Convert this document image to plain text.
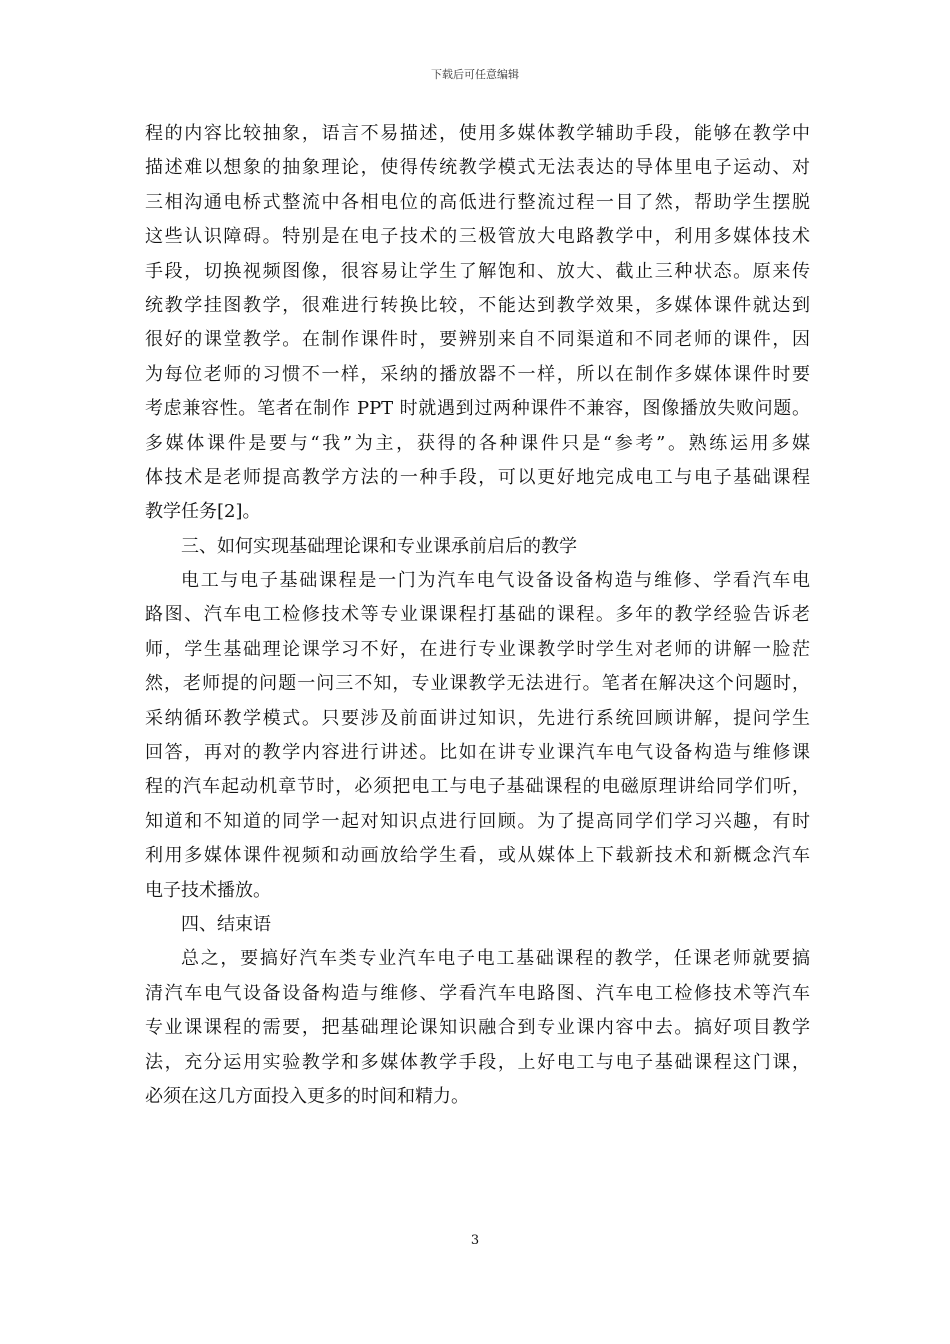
下载后可任意编辑
程的内容比较抽象，语言不易描述，使用多媒体教学辅助手段，能够在教学中
描述难以想象的抽象理论，使得传统教学模式无法表达的导体里电子运动、对
三相沟通电桥式整流中各相电位的高低进行整流过程一目了然，帮助学生摆脱
这些认识障碍。特别是在电子技术的三极管放大电路教学中，利用多媒体技术
手段，切换视频图像，很容易让学生了解饱和、放大、截止三种状态。原来传
统教学挂图教学，很难进行转换比较，不能达到教学效果，多媒体课件就达到
很好的课堂教学。在制作课件时，要辨别来自不同渠道和不同老师的课件，因
为每位老师的习惯不一样，采纳的播放器不一样，所以在制作多媒体课件时要
考虑兼容性。笔者在制作 PPT 时就遇到过两种课件不兼容，图像播放失败问题。
多媒体课件是要与“我”为主，获得的各种课件只是“参考”。熟练运用多媒
体技术是老师提高教学方法的一种手段，可以更好地完成电工与电子基础课程
教学任务[2]。
三、如何实现基础理论课和专业课承前启后的教学
电工与电子基础课程是一门为汽车电气设备设备构造与维修、学看汽车电
路图、汽车电工检修技术等专业课课程打基础的课程。多年的教学经验告诉老
师，学生基础理论课学习不好，在进行专业课教学时学生对老师的讲解一脸茫
然，老师提的问题一问三不知，专业课教学无法进行。笔者在解决这个问题时，
采纳循环教学模式。只要涉及前面讲过知识，先进行系统回顾讲解，提问学生
回答，再对的教学内容进行讲述。比如在讲专业课汽车电气设备构造与维修课
程的汽车起动机章节时，必须把电工与电子基础课程的电磁原理讲给同学们听，
知道和不知道的同学一起对知识点进行回顾。为了提高同学们学习兴趣，有时
利用多媒体课件视频和动画放给学生看，或从媒体上下载新技术和新概念汽车
电子技术播放。
四、结束语
总之，要搞好汽车类专业汽车电子电工基础课程的教学，任课老师就要搞
清汽车电气设备设备构造与维修、学看汽车电路图、汽车电工检修技术等汽车
专业课课程的需要，把基础理论课知识融合到专业课内容中去。搞好项目教学
法，充分运用实验教学和多媒体教学手段，上好电工与电子基础课程这门课，
必须在这几方面投入更多的时间和精力。
3
